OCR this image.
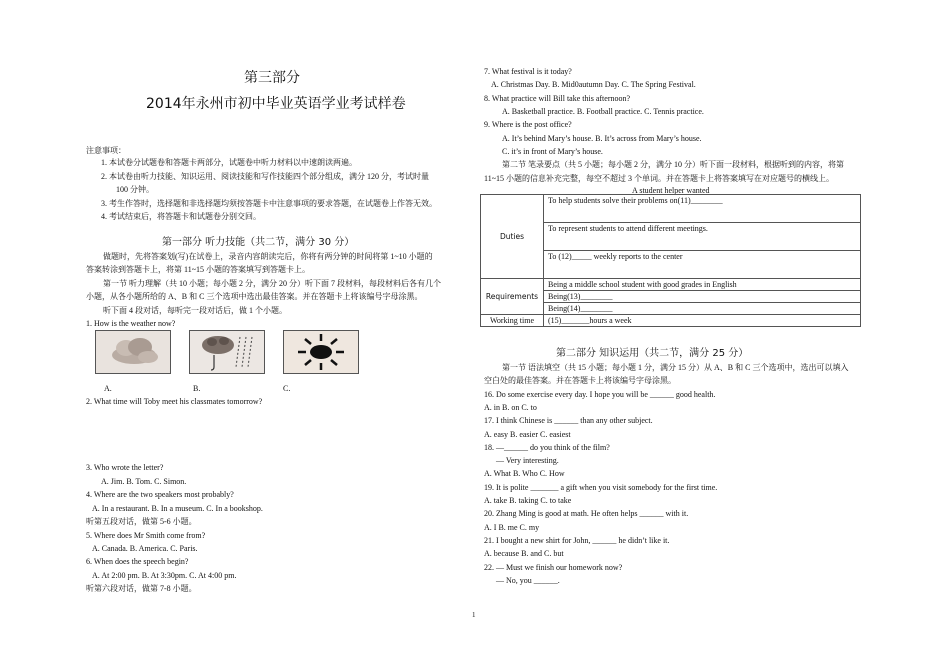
第三部分
2014年永州市初中毕业英语学业考试样卷
注意事项：
1. 本试卷分试题卷和答题卡两部分，试题卷中听力材料以中速朗读两遍。
2. 本试卷由听力技能、知识运用、阅读技能和写作技能四个部分组成，满分 120 分，考试时量
100 分钟。
3. 考生作答时，选择题和非选择题均须按答题卡中注意事项的要求答题，在试题卷上作答无效。
4. 考试结束后，将答题卡和试题卷分别交回。
第一部分 听力技能（共二节，满分 30 分）
做题时，先将答案划(写)在试卷上，录音内容朗读完后，你将有两分钟的时间将第 1~10 小题的
答案转涂到答题卡上，将第 11~15 小题的答案填写到答题卡上。
第一节 听力理解（共 10 小题；每小题 2 分，满分 20 分）听下面 7 段材料，每段材料后各有几个
小题，从各小题所给的 A、B 和 C 三个选项中选出最佳答案。并在答题卡上将该编号字母涂黑。
听下面 4 段对话，每听完一段对话后，做 1 个小题。
1. How is the weather now?
A.	B.	C.
2. What time will Toby meet his classmates tomorrow?
3. Who wrote the letter?
A. Jim. B. Tom. C. Simon.
4. Where are the two speakers most probably?
A. In a restaurant. B. In a museum. C. In a bookshop.
听第五段对话，做第 5-6 小题。
5. Where does Mr Smith come from?
A. Canada. B. America. C. Paris.
6. When does the speech begin?
A. At 2:00 pm. B. At 3:30pm. C. At 4:00 pm.
听第六段对话，做第 7-8 小题。
7. What festival is it today?
A. Christmas Day. B. Mid0autumn Day. C. The Spring Festival.
8. What practice will Bill take this afternoon?
A. Basketball practice. B. Football practice. C. Tennis practice.
9. Where is the post office?
A. It’s behind Mary’s house. B. It’s across from Mary’s house.
C. it’s in front of Mary’s house.
第二节 笔录要点（共 5 小题；每小题 2 分，满分 10 分）听下面一段材料，根据听到的内容，将第
11~15 小题的信息补充完整，每空不超过 3 个单词。并在答题卡上将答案填写在对应题号的横线上。
A student helper wanted
Duties	To help students solve their problems on(11)________
	To represent students to attend different meetings.
	To (12)_____ weekly reports to the center
Requirements	Being a middle school student with good grades in English
	Being(13)________
	Being(14)________
Working time	(15)_______hours a week
第二部分 知识运用（共二节，满分 25 分）
第一节 语法填空（共 15 小题；每小题 1 分，满分 15 分）从 A、B 和 C 三个选项中，选出可以填入
空白处的最佳答案。并在答题卡上将该编号字母涂黑。
16. Do some exercise every day. I hope you will be ______ good health.
A. in B. on C. to
17. I think Chinese is ______ than any other subject.
A. easy B. easier C. easiest
18. —______ do you think of the film?
— Very interesting.
A. What B. Who C. How
19. It is polite _______ a gift when you visit somebody for the first time.
A. take B. taking C. to take
20. Zhang Ming is good at math. He often helps ______ with it.
A. I B. me C. my
21. I bought a new shirt for John, ______ he didn’t like it.
A. because B. and C. but
22. — Must we finish our homework now?
— No, you ______.
1
